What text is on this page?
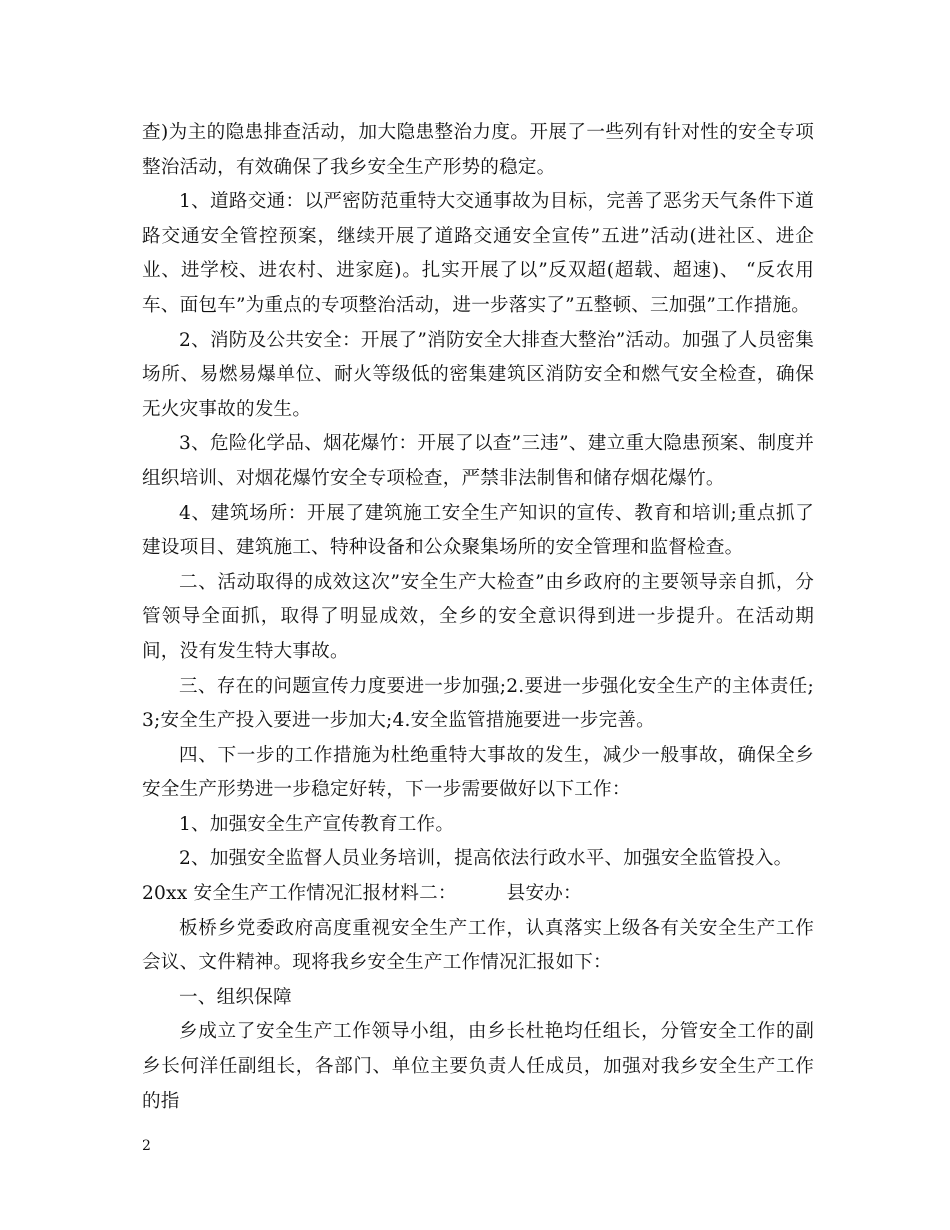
查)为主的隐患排查活动，加大隐患整治力度。开展了一些列有针对性的安全专项整治活动，有效确保了我乡安全生产形势的稳定。

1、道路交通：以严密防范重特大交通事故为目标，完善了恶劣天气条件下道路交通安全管控预案，继续开展了道路交通安全宣传”五进”活动(进社区、进企业、进学校、进农村、进家庭)。扎实开展了以”反双超(超载、超速)、 “反农用车、面包车”为重点的专项整治活动，进一步落实了”五整顿、三加强”工作措施。

2、消防及公共安全：开展了”消防安全大排查大整治”活动。加强了人员密集场所、易燃易爆单位、耐火等级低的密集建筑区消防安全和燃气安全检查，确保无火灾事故的发生。

3、危险化学品、烟花爆竹：开展了以查”三违”、建立重大隐患预案、制度并组织培训、对烟花爆竹安全专项检查，严禁非法制售和储存烟花爆竹。

4、建筑场所：开展了建筑施工安全生产知识的宣传、教育和培训;重点抓了建设项目、建筑施工、特种设备和公众聚集场所的安全管理和监督检查。

二、活动取得的成效这次”安全生产大检查”由乡政府的主要领导亲自抓，分管领导全面抓，取得了明显成效，全乡的安全意识得到进一步提升。在活动期间，没有发生特大事故。

三、存在的问题宣传力度要进一步加强;2.要进一步强化安全生产的主体责任;3;安全生产投入要进一步加大;4.安全监管措施要进一步完善。

四、下一步的工作措施为杜绝重特大事故的发生，减少一般事故，确保全乡安全生产形势进一步稳定好转，下一步需要做好以下工作：

1、加强安全生产宣传教育工作。

2、加强安全监督人员业务培训，提高依法行政水平、加强安全监管投入。

20xx 安全生产工作情况汇报材料二：	县安办：

板桥乡党委政府高度重视安全生产工作，认真落实上级各有关安全生产工作会议、文件精神。现将我乡安全生产工作情况汇报如下：

一、组织保障

乡成立了安全生产工作领导小组，由乡长杜艳均任组长，分管安全工作的副乡长何洋任副组长，各部门、单位主要负责人任成员，加强对我乡安全生产工作的指

2
